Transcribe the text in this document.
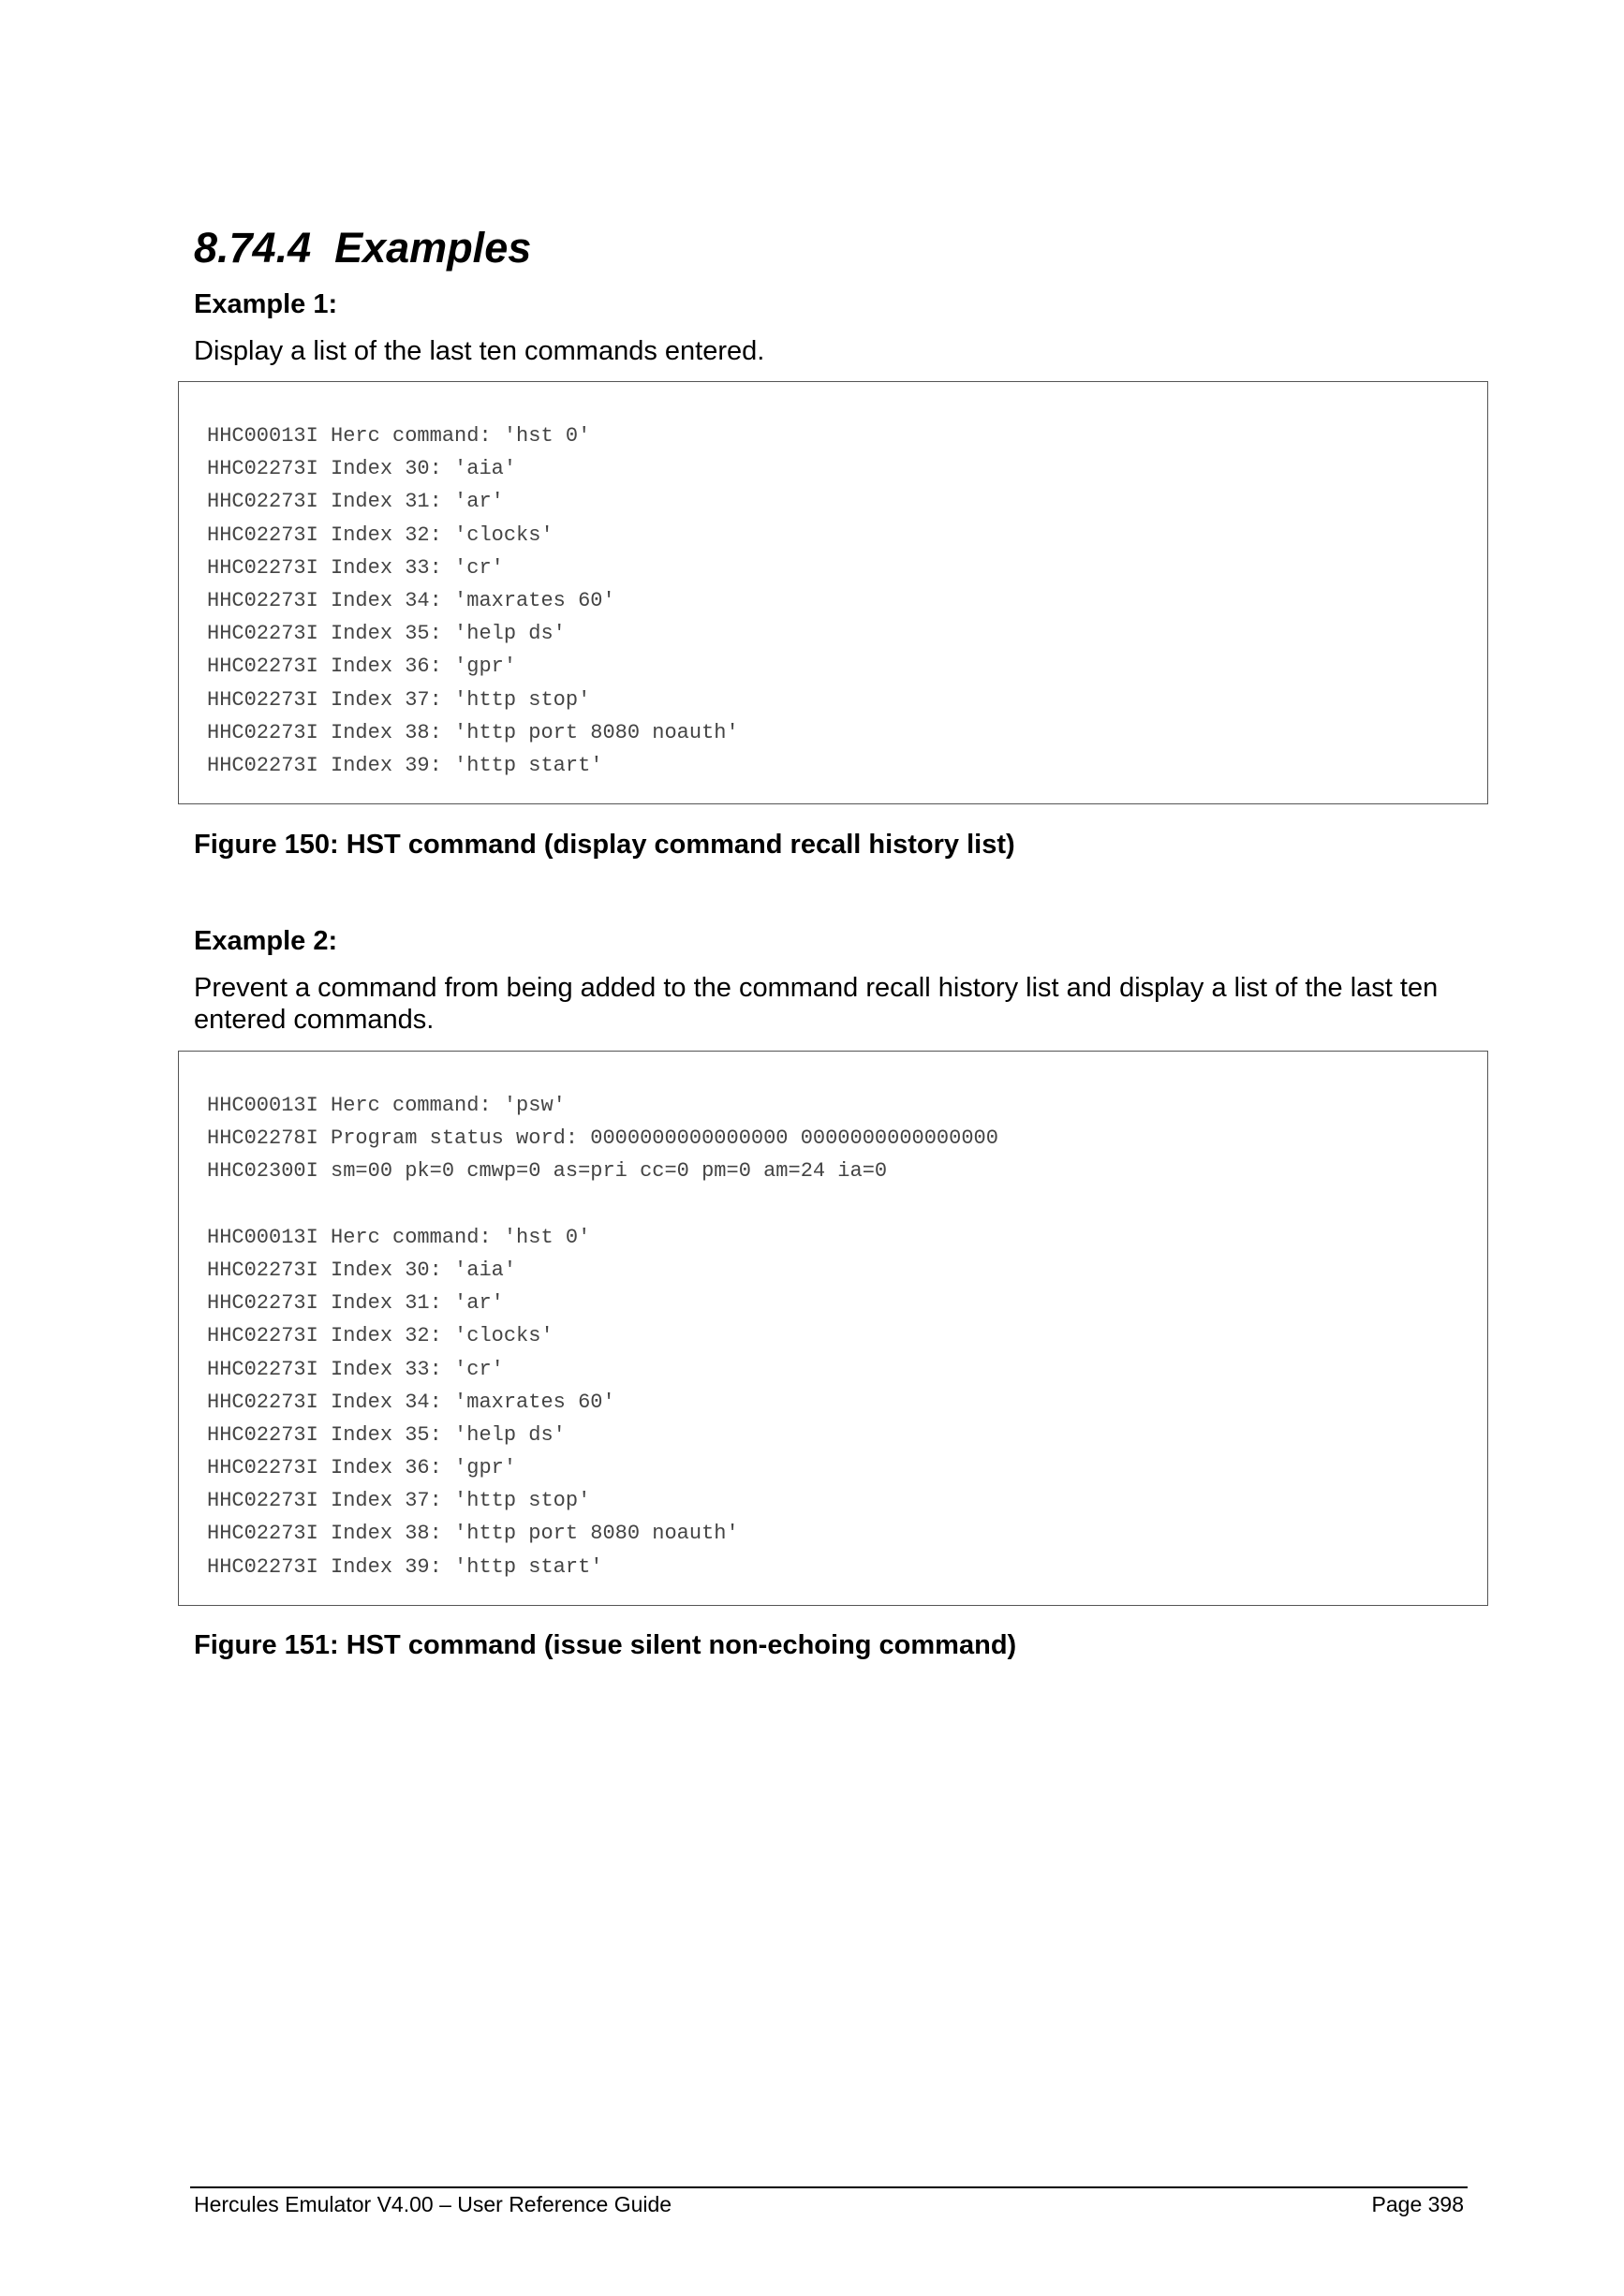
8.74.4  Examples

Example 1:

Display a list of the last ten commands entered.

HHC00013I Herc command: 'hst 0'
HHC02273I Index 30: 'aia'
HHC02273I Index 31: 'ar'
HHC02273I Index 32: 'clocks'
HHC02273I Index 33: 'cr'
HHC02273I Index 34: 'maxrates 60'
HHC02273I Index 35: 'help ds'
HHC02273I Index 36: 'gpr'
HHC02273I Index 37: 'http stop'
HHC02273I Index 38: 'http port 8080 noauth'
HHC02273I Index 39: 'http start'

Figure 150: HST command (display command recall history list)

Example 2:

Prevent a command from being added to the command recall history list and display a list of the last ten entered commands.

HHC00013I Herc command: 'psw'
HHC02278I Program status word: 0000000000000000 0000000000000000
HHC02300I sm=00 pk=0 cmwp=0 as=pri cc=0 pm=0 am=24 ia=0
HHC00013I Herc command: 'hst 0'
HHC02273I Index 30: 'aia'
HHC02273I Index 31: 'ar'
HHC02273I Index 32: 'clocks'
HHC02273I Index 33: 'cr'
HHC02273I Index 34: 'maxrates 60'
HHC02273I Index 35: 'help ds'
HHC02273I Index 36: 'gpr'
HHC02273I Index 37: 'http stop'
HHC02273I Index 38: 'http port 8080 noauth'
HHC02273I Index 39: 'http start'

Figure 151: HST command (issue silent non-echoing command)

Hercules Emulator V4.00 – User Reference Guide	Page 398
